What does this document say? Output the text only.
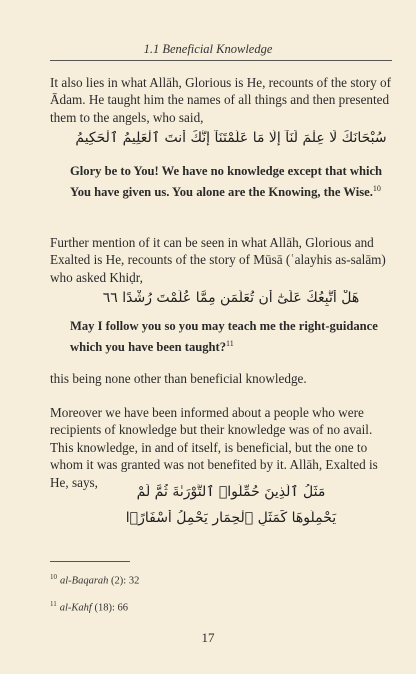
1.1 Beneficial Knowledge

It also lies in what Allāh, Glorious is He, recounts of the story of Ādam. He taught him the names of all things and then presented them to the angels, who said,

سُبْحَانَكَ لَا عِلْمَ لَنَآ إِلَّا مَا عَلَّمْتَنَآ إِنَّكَ أَنتَ ٱلْعَلِيمُ ٱلْحَكِيمُ

Glory be to You! We have no knowledge except that which You have given us. You alone are the Knowing, the Wise.$^{10}$

Further mention of it can be seen in what Allāh, Glorious and Exalted is He, recounts of the story of Mūsā (ʿalayhis as-salām) who asked Khiḍr,

هَلْ أَتَّبِعُكَ عَلَىٰٓ أَن تُعَلِّمَنِ مِمَّا عُلِّمْتَ رُشْدًا ٦٦

May I follow you so you may teach me the right-guidance which you have been taught?$^{11}$

this being none other than beneficial knowledge.

Moreover we have been informed about a people who were recipients of knowledge but their knowledge was of no avail. This knowledge, in and of itself, is beneficial, but the one to whom it was granted was not benefited by it. Allāh, Exalted is He, says,

مَثَلُ ٱلَّذِينَ حُمِّلُوا۟ ٱلتَّوْرَىٰةَ ثُمَّ لَمْ
يَحْمِلُوهَا كَمَثَلِ ٱلْحِمَارِ يَحْمِلُ أَسْفَارًۢا
$^{10}$ al-Baqarah (2): 32
$^{11}$ al-Kahf (18): 66
17
